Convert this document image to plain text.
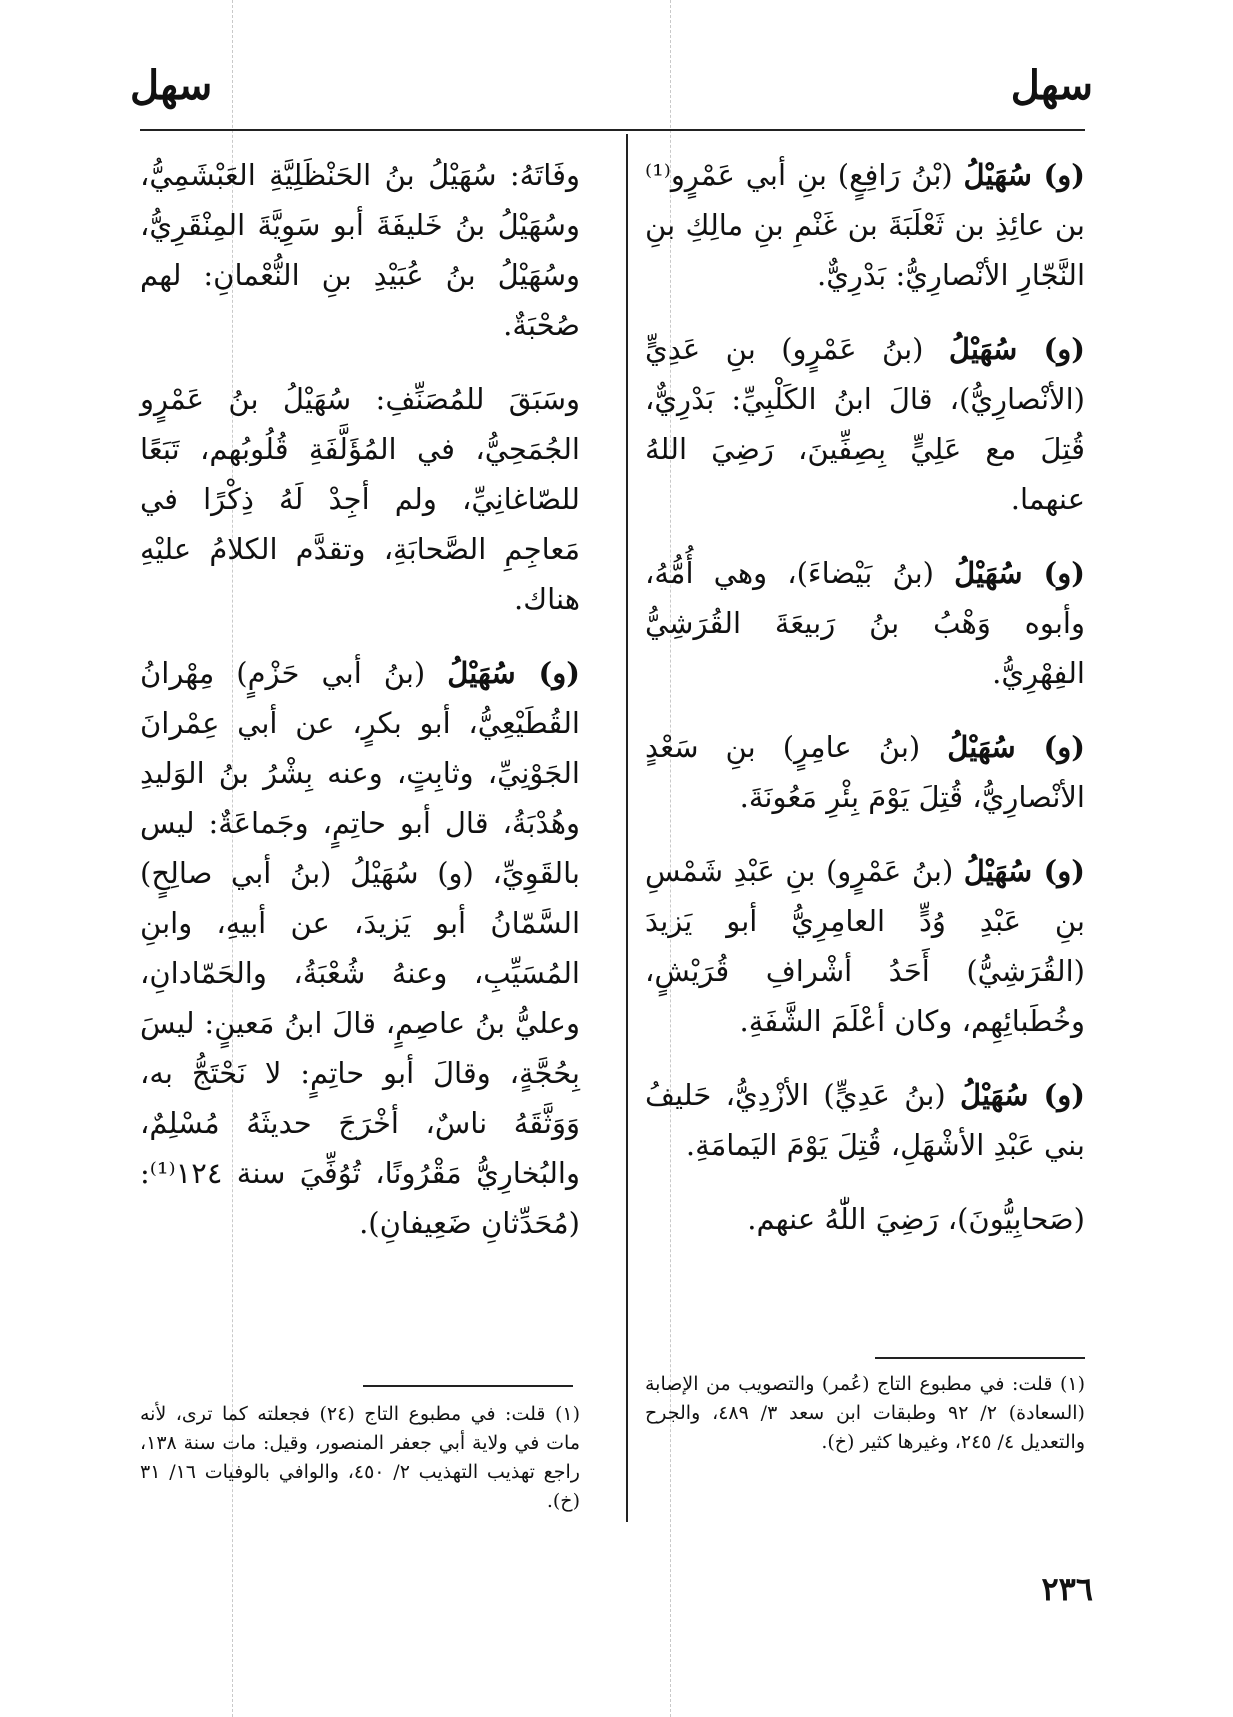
سهل
سهل

(و) سُهَيْلُ (بْنُ رَافِعٍ) بنِ أبي عَمْرٍو⁽¹⁾ بن عائِذِ بن ثَعْلَبَةَ بن غَنْمِ بنِ مالِكِ بنِ النَّجّارِ الأنْصارِيُّ: بَدْرِيٌّ.

(و) سُهَيْلُ (بنُ عَمْرٍو) بنِ عَدِيٍّ (الأنْصارِيُّ)، قالَ ابنُ الكَلْبِيِّ: بَدْرِيٌّ، قُتِلَ مع عَلِيٍّ بِصِفِّينَ، رَضِيَ اللهُ عنهما.

(و) سُهَيْلُ (بنُ بَيْضاءَ)، وهي أُمُّهُ، وأبوه وَهْبُ بنُ رَبيعَةَ القُرَشِيُّ الفِهْرِيُّ.

(و) سُهَيْلُ (بنُ عامِرٍ) بنِ سَعْدٍ الأنْصارِيُّ، قُتِلَ يَوْمَ بِئْرِ مَعُونَةَ.

(و) سُهَيْلُ (بنُ عَمْرٍو) بنِ عَبْدِ شَمْسِ بنِ عَبْدِ وُدٍّ العامِرِيُّ أبو يَزيدَ (القُرَشِيُّ) أَحَدُ أشْرافِ قُرَيْشٍ، وخُطَبائِهِم، وكان أعْلَمَ الشَّفَةِ.

(و) سُهَيْلُ (بنُ عَدِيٍّ) الأزْدِيُّ، حَليفُ بني عَبْدِ الأشْهَلِ، قُتِلَ يَوْمَ اليَمامَةِ.

(صَحابِيُّونَ)، رَضِيَ اللّٰهُ عنهم.

وفَاتَهُ: سُهَيْلُ بنُ الحَنْظَلِيَّةِ العَبْشَمِيُّ، وسُهَيْلُ بنُ خَليفَةَ أبو سَوِيَّةَ المِنْقَرِيُّ، وسُهَيْلُ بنُ عُبَيْدِ بنِ النُّعْمانِ: لهم صُحْبَةٌ.

وسَبَقَ للمُصَنِّفِ: سُهَيْلُ بنُ عَمْرٍو الجُمَحِيُّ، في المُؤَلَّفَةِ قُلُوبُهم، تَبَعًا للصّاغانِيِّ، ولم أجِدْ لَهُ ذِكْرًا في مَعاجِمِ الصَّحابَةِ، وتقدَّم الكلامُ عليْهِ هناك.

(و) سُهَيْلُ (بنُ أبي حَزْمٍ) مِهْرانُ القُطَيْعِيُّ، أبو بكرٍ، عن أبي عِمْرانَ الجَوْنِيِّ، وثابِتٍ، وعنه بِشْرُ بنُ الوَليدِ وهُدْبَةُ، قال أبو حاتِمٍ، وجَماعَةٌ: ليس بالقَوِيِّ، (و) سُهَيْلُ (بنُ أبي صالِحٍ) السَّمّانُ أبو يَزيدَ، عن أبيهِ، وابنِ المُسَيِّبِ، وعنهُ شُعْبَةُ، والحَمّادانِ، وعليُّ بنُ عاصِمٍ، قالَ ابنُ مَعينٍ: ليسَ بِحُجَّةٍ، وقالَ أبو حاتِمٍ: لا نَحْتَجُّ به، وَوَثَّقَهُ ناسٌ، أخْرَجَ حديثَهُ مُسْلِمٌ، والبُخارِيُّ مَقْرُونًا، تُوُفِّيَ سنة ١٢٤⁽¹⁾: (مُحَدِّثانِ ضَعِيفانِ).

(١) قلت: في مطبوع التاج (عُمر) والتصويب من الإصابة (السعادة) ٢/ ٩٢ وطبقات ابن سعد ٣/ ٤٨٩، والجرح والتعديل ٤/ ٢٤٥، وغيرها كثير (خ).
(١) قلت: في مطبوع التاج (٢٤) فجعلته كما ترى، لأنه مات في ولاية أبي جعفر المنصور، وقيل: مات سنة ١٣٨، راجع تهذيب التهذيب ٢/ ٤٥٠، والوافي بالوفيات ١٦/ ٣١ (خ).
٢٣٦
